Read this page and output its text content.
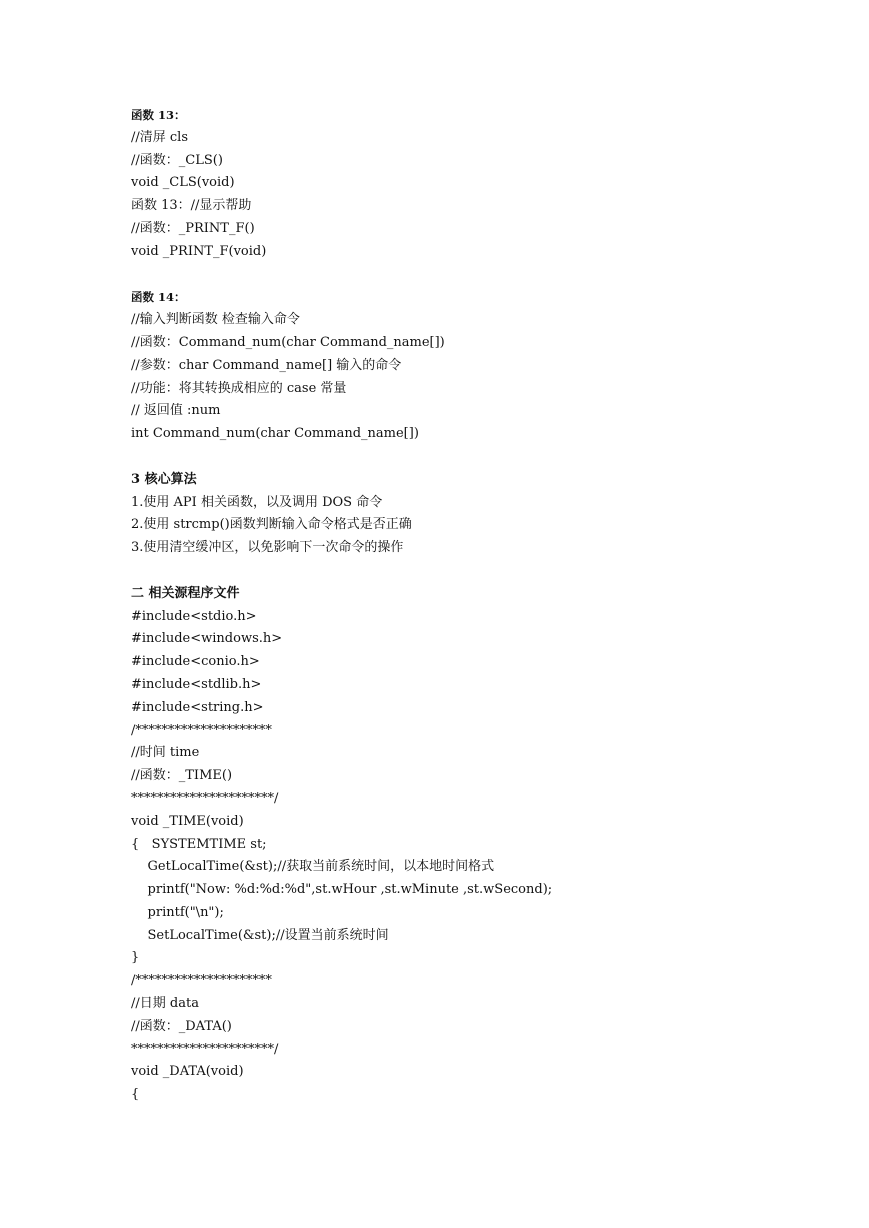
函数 13：
//清屏 cls
//函数：_CLS()
void _CLS(void)
函数 13：//显示帮助
//函数：_PRINT_F()
void _PRINT_F(void)
函数 14：
//输入判断函数 检查输入命令
//函数：Command_num(char Command_name[])
//参数：char Command_name[] 输入的命令
//功能：将其转换成相应的 case 常量
// 返回值 :num
int Command_num(char Command_name[])
3 核心算法
1.使用 API 相关函数，以及调用 DOS 命令
2.使用 strcmp()函数判断输入命令格式是否正确
3.使用清空缓冲区，以免影响下一次命令的操作
二 相关源程序文件
#include<stdio.h>
#include<windows.h>
#include<conio.h>
#include<stdlib.h>
#include<string.h>
/*********************
//时间 time
//函数：_TIME()
**********************/
void _TIME(void)
{   SYSTEMTIME st;
GetLocalTime(&st);//获取当前系统时间，以本地时间格式
printf("Now: %d:%d:%d",st.wHour ,st.wMinute ,st.wSecond);
printf("\n");
SetLocalTime(&st);//设置当前系统时间
}
/*********************
//日期 data
//函数：_DATA()
**********************/
void _DATA(void)
{
